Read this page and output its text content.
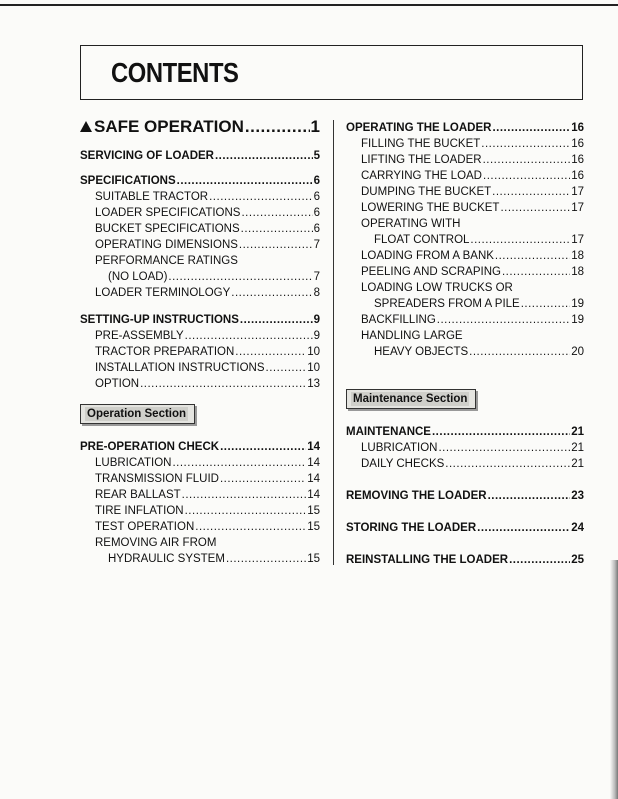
CONTENTS
SAFE OPERATION .....	1
SERVICING OF LOADER .....	5
SPECIFICATIONS .....	6
SUITABLE TRACTOR .....	6
LOADER SPECIFICATIONS .....	6
BUCKET SPECIFICATIONS .....	6
OPERATING DIMENSIONS .....	7
PERFORMANCE RATINGS
(NO LOAD) .....	7
LOADER TERMINOLOGY .....	8
SETTING-UP INSTRUCTIONS .....	9
PRE-ASSEMBLY .....	9
TRACTOR PREPARATION .....	10
INSTALLATION INSTRUCTIONS .....	10
OPTION .....	13
Operation Section
PRE-OPERATION CHECK .....	14
LUBRICATION .....	14
TRANSMISSION FLUID .....	14
REAR BALLAST .....	14
TIRE INFLATION .....	15
TEST OPERATION .....	15
REMOVING AIR FROM
HYDRAULIC SYSTEM .....	15
OPERATING THE LOADER .....	16
FILLING THE BUCKET .....	16
LIFTING THE LOADER .....	16
CARRYING THE LOAD .....	16
DUMPING THE BUCKET .....	17
LOWERING THE BUCKET .....	17
OPERATING WITH
FLOAT CONTROL .....	17
LOADING FROM A BANK .....	18
PEELING AND SCRAPING .....	18
LOADING LOW TRUCKS OR
SPREADERS FROM A PILE .....	19
BACKFILLING .....	19
HANDLING LARGE
HEAVY OBJECTS .....	20
Maintenance Section
MAINTENANCE .....	21
LUBRICATION .....	21
DAILY CHECKS .....	21
REMOVING THE LOADER .....	23
STORING THE LOADER .....	24
REINSTALLING THE LOADER .....	25
